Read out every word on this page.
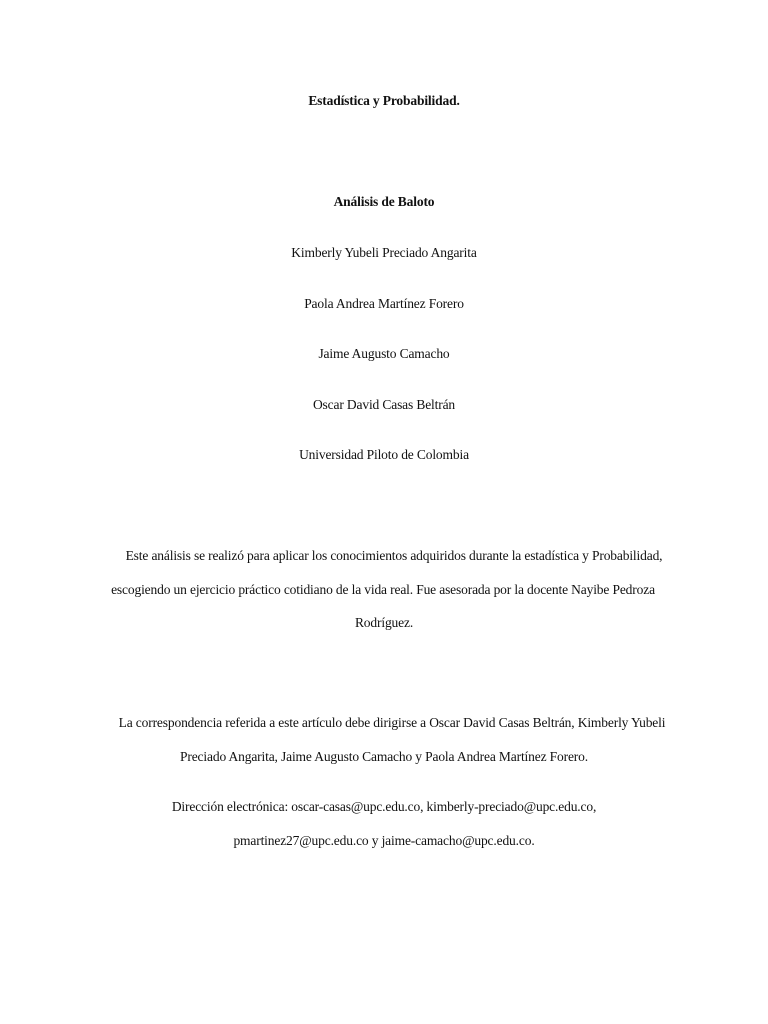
Estadística y Probabilidad.
Análisis de Baloto
Kimberly Yubeli Preciado Angarita
Paola Andrea Martínez Forero
Jaime Augusto Camacho
Oscar David Casas Beltrán
Universidad Piloto de Colombia
Este análisis se realizó para aplicar los conocimientos adquiridos durante la estadística y Probabilidad,
escogiendo un ejercicio práctico cotidiano de la vida real. Fue asesorada por la docente Nayibe Pedroza
Rodríguez.
La correspondencia referida a este artículo debe dirigirse a Oscar David Casas Beltrán, Kimberly Yubeli
Preciado Angarita, Jaime Augusto Camacho y Paola Andrea Martínez Forero.
Dirección electrónica: oscar-casas@upc.edu.co, kimberly-preciado@upc.edu.co,
pmartinez27@upc.edu.co y jaime-camacho@upc.edu.co.
